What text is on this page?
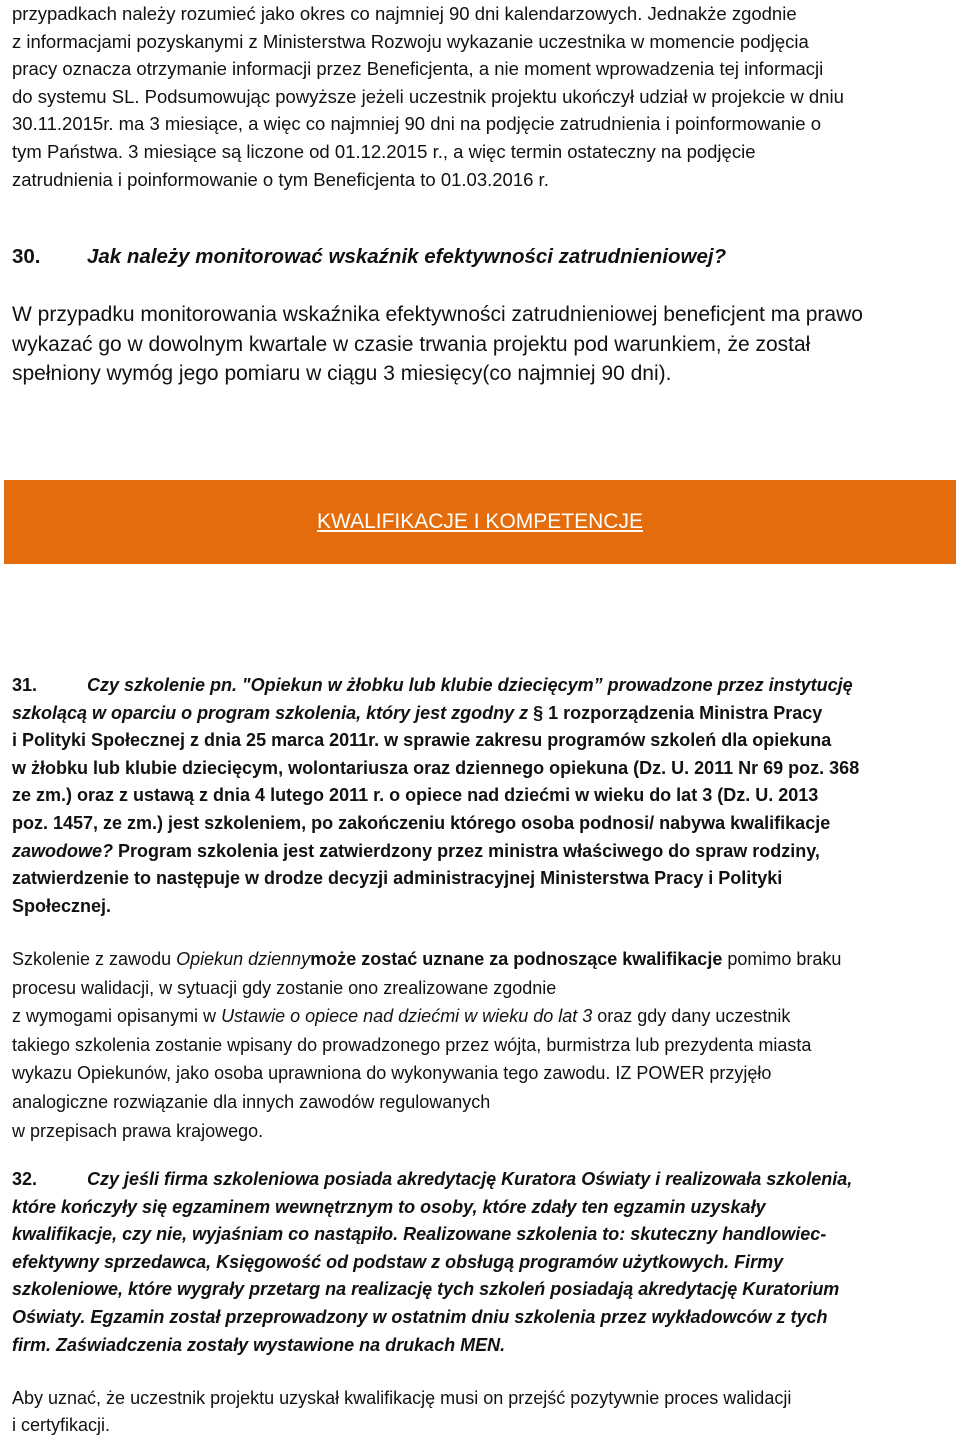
przypadkach należy rozumieć jako okres co najmniej 90 dni kalendarzowych. Jednakże zgodnie
z informacjami pozyskanymi z Ministerstwa Rozwoju wykazanie uczestnika w momencie podjęcia
pracy oznacza otrzymanie informacji przez Beneficjenta, a nie moment wprowadzenia tej informacji
do systemu SL. Podsumowując powyższe jeżeli uczestnik projektu ukończył udział w projekcie w dniu
30.11.2015r. ma 3 miesiące, a więc co najmniej 90 dni na podjęcie zatrudnienia i poinformowanie o
tym Państwa. 3 miesiące są liczone od 01.12.2015 r., a więc termin ostateczny na podjęcie
zatrudnienia i poinformowanie o tym Beneficjenta to 01.03.2016 r.
30. Jak należy monitorować wskaźnik efektywności zatrudnieniowej?
W przypadku monitorowania wskaźnika efektywności zatrudnieniowej beneficjent ma prawo
wykazać go w dowolnym kwartale w czasie trwania projektu pod warunkiem, że został
spełniony wymóg jego pomiaru w ciągu 3 miesięcy(co najmniej 90 dni).
KWALIFIKACJE I KOMPETENCJE
31.	Czy szkolenie pn. "Opiekun w żłobku lub klubie dziecięcym” prowadzone przez instytucję
szkolącą w oparciu o program szkolenia, który jest zgodny z § 1 rozporządzenia Ministra Pracy
i Polityki Społecznej z dnia 25 marca 2011r. w sprawie zakresu programów szkoleń dla opiekuna
w żłobku lub klubie dziecięcym, wolontariusza oraz dziennego opiekuna (Dz. U. 2011 Nr 69 poz. 368
ze zm.) oraz z ustawą z dnia 4 lutego 2011 r. o opiece nad dziećmi w wieku do lat 3 (Dz. U. 2013
poz. 1457, ze zm.) jest szkoleniem, po zakończeniu którego osoba podnosi/ nabywa kwalifikacje
zawodowe? Program szkolenia jest zatwierdzony przez ministra właściwego do spraw rodziny,
zatwierdzenie to następuje w drodze decyzji administracyjnej Ministerstwa Pracy i Polityki
Społecznej.
Szkolenie z zawodu Opiekun dziennymoże zostać uznane za podnoszące kwalifikacje pomimo braku
procesu walidacji, w sytuacji gdy zostanie ono zrealizowane zgodnie
z wymogami opisanymi w Ustawie o opiece nad dziećmi w wieku do lat 3 oraz gdy dany uczestnik
takiego szkolenia zostanie wpisany do prowadzonego przez wójta, burmistrza lub prezydenta miasta
wykazu Opiekunów, jako osoba uprawniona do wykonywania tego zawodu. IZ POWER przyjęło
analogiczne rozwiązanie dla innych zawodów regulowanych
w przepisach prawa krajowego.
32.	Czy jeśli firma szkoleniowa posiada akredytację Kuratora Oświaty i realizowała szkolenia,
które kończyły się egzaminem wewnętrznym to osoby, które zdały ten egzamin uzyskały
kwalifikacje, czy nie, wyjaśniam co nastąpiło. Realizowane szkolenia to: skuteczny handlowiec-
efektywny sprzedawca, Księgowość od podstaw z obsługą programów użytkowych. Firmy
szkoleniowe, które wygrały przetarg na realizację tych szkoleń posiadają akredytację Kuratorium
Oświaty. Egzamin został przeprowadzony w ostatnim dniu szkolenia przez wykładowców z tych
firm. Zaświadczenia zostały wystawione na drukach MEN.
Aby uznać, że uczestnik projektu uzyskał kwalifikację musi on przejść pozytywnie proces walidacji
i certyfikacji.
